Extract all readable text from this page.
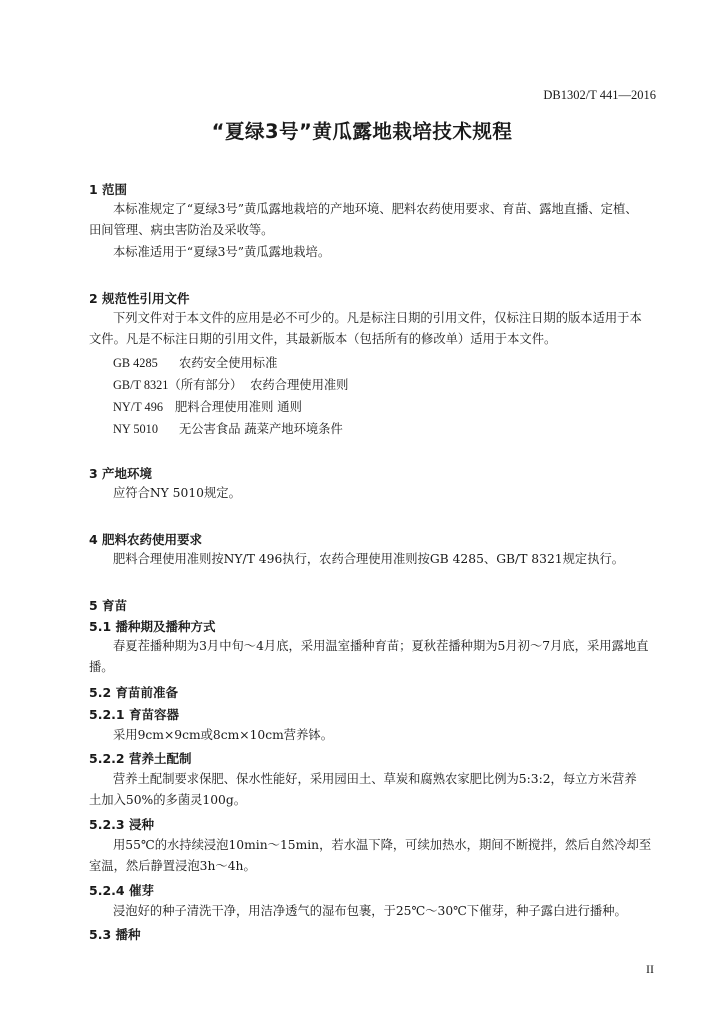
DB1302/T 441—2016
“夏绿3号”黄瓜露地栽培技术规程
1 范围
本标准规定了“夏绿3号”黄瓜露地栽培的产地环境、肥料农药使用要求、育苗、露地直播、定植、
田间管理、病虫害防治及采收等。
本标准适用于“夏绿3号”黄瓜露地栽培。
2 规范性引用文件
下列文件对于本文件的应用是必不可少的。凡是标注日期的引用文件，仅标注日期的版本适用于本
文件。凡是不标注日期的引用文件，其最新版本（包括所有的修改单）适用于本文件。
GB 4285 农药安全使用标准
GB/T 8321（所有部分） 农药合理使用准则
NY/T 496 肥料合理使用准则 通则
NY 5010 无公害食品 蔬菜产地环境条件
3 产地环境
应符合NY 5010规定。
4 肥料农药使用要求
肥料合理使用准则按NY/T 496执行，农药合理使用准则按GB 4285、GB/T 8321规定执行。
5 育苗
5.1 播种期及播种方式
春夏茬播种期为3月中旬～4月底，采用温室播种育苗；夏秋茬播种期为5月初～7月底，采用露地直
播。
5.2 育苗前准备
5.2.1 育苗容器
采用9cm×9cm或8cm×10cm营养钵。
5.2.2 营养土配制
营养土配制要求保肥、保水性能好，采用园田土、草炭和腐熟农家肥比例为5:3:2，每立方米营养
土加入50%的多菌灵100g。
5.2.3 浸种
用55℃的水持续浸泡10min～15min，若水温下降，可续加热水，期间不断搅拌，然后自然冷却至
室温，然后静置浸泡3h～4h。
5.2.4 催芽
浸泡好的种子清洗干净，用洁净透气的湿布包裹，于25℃～30℃下催芽，种子露白进行播种。
5.3 播种
II
